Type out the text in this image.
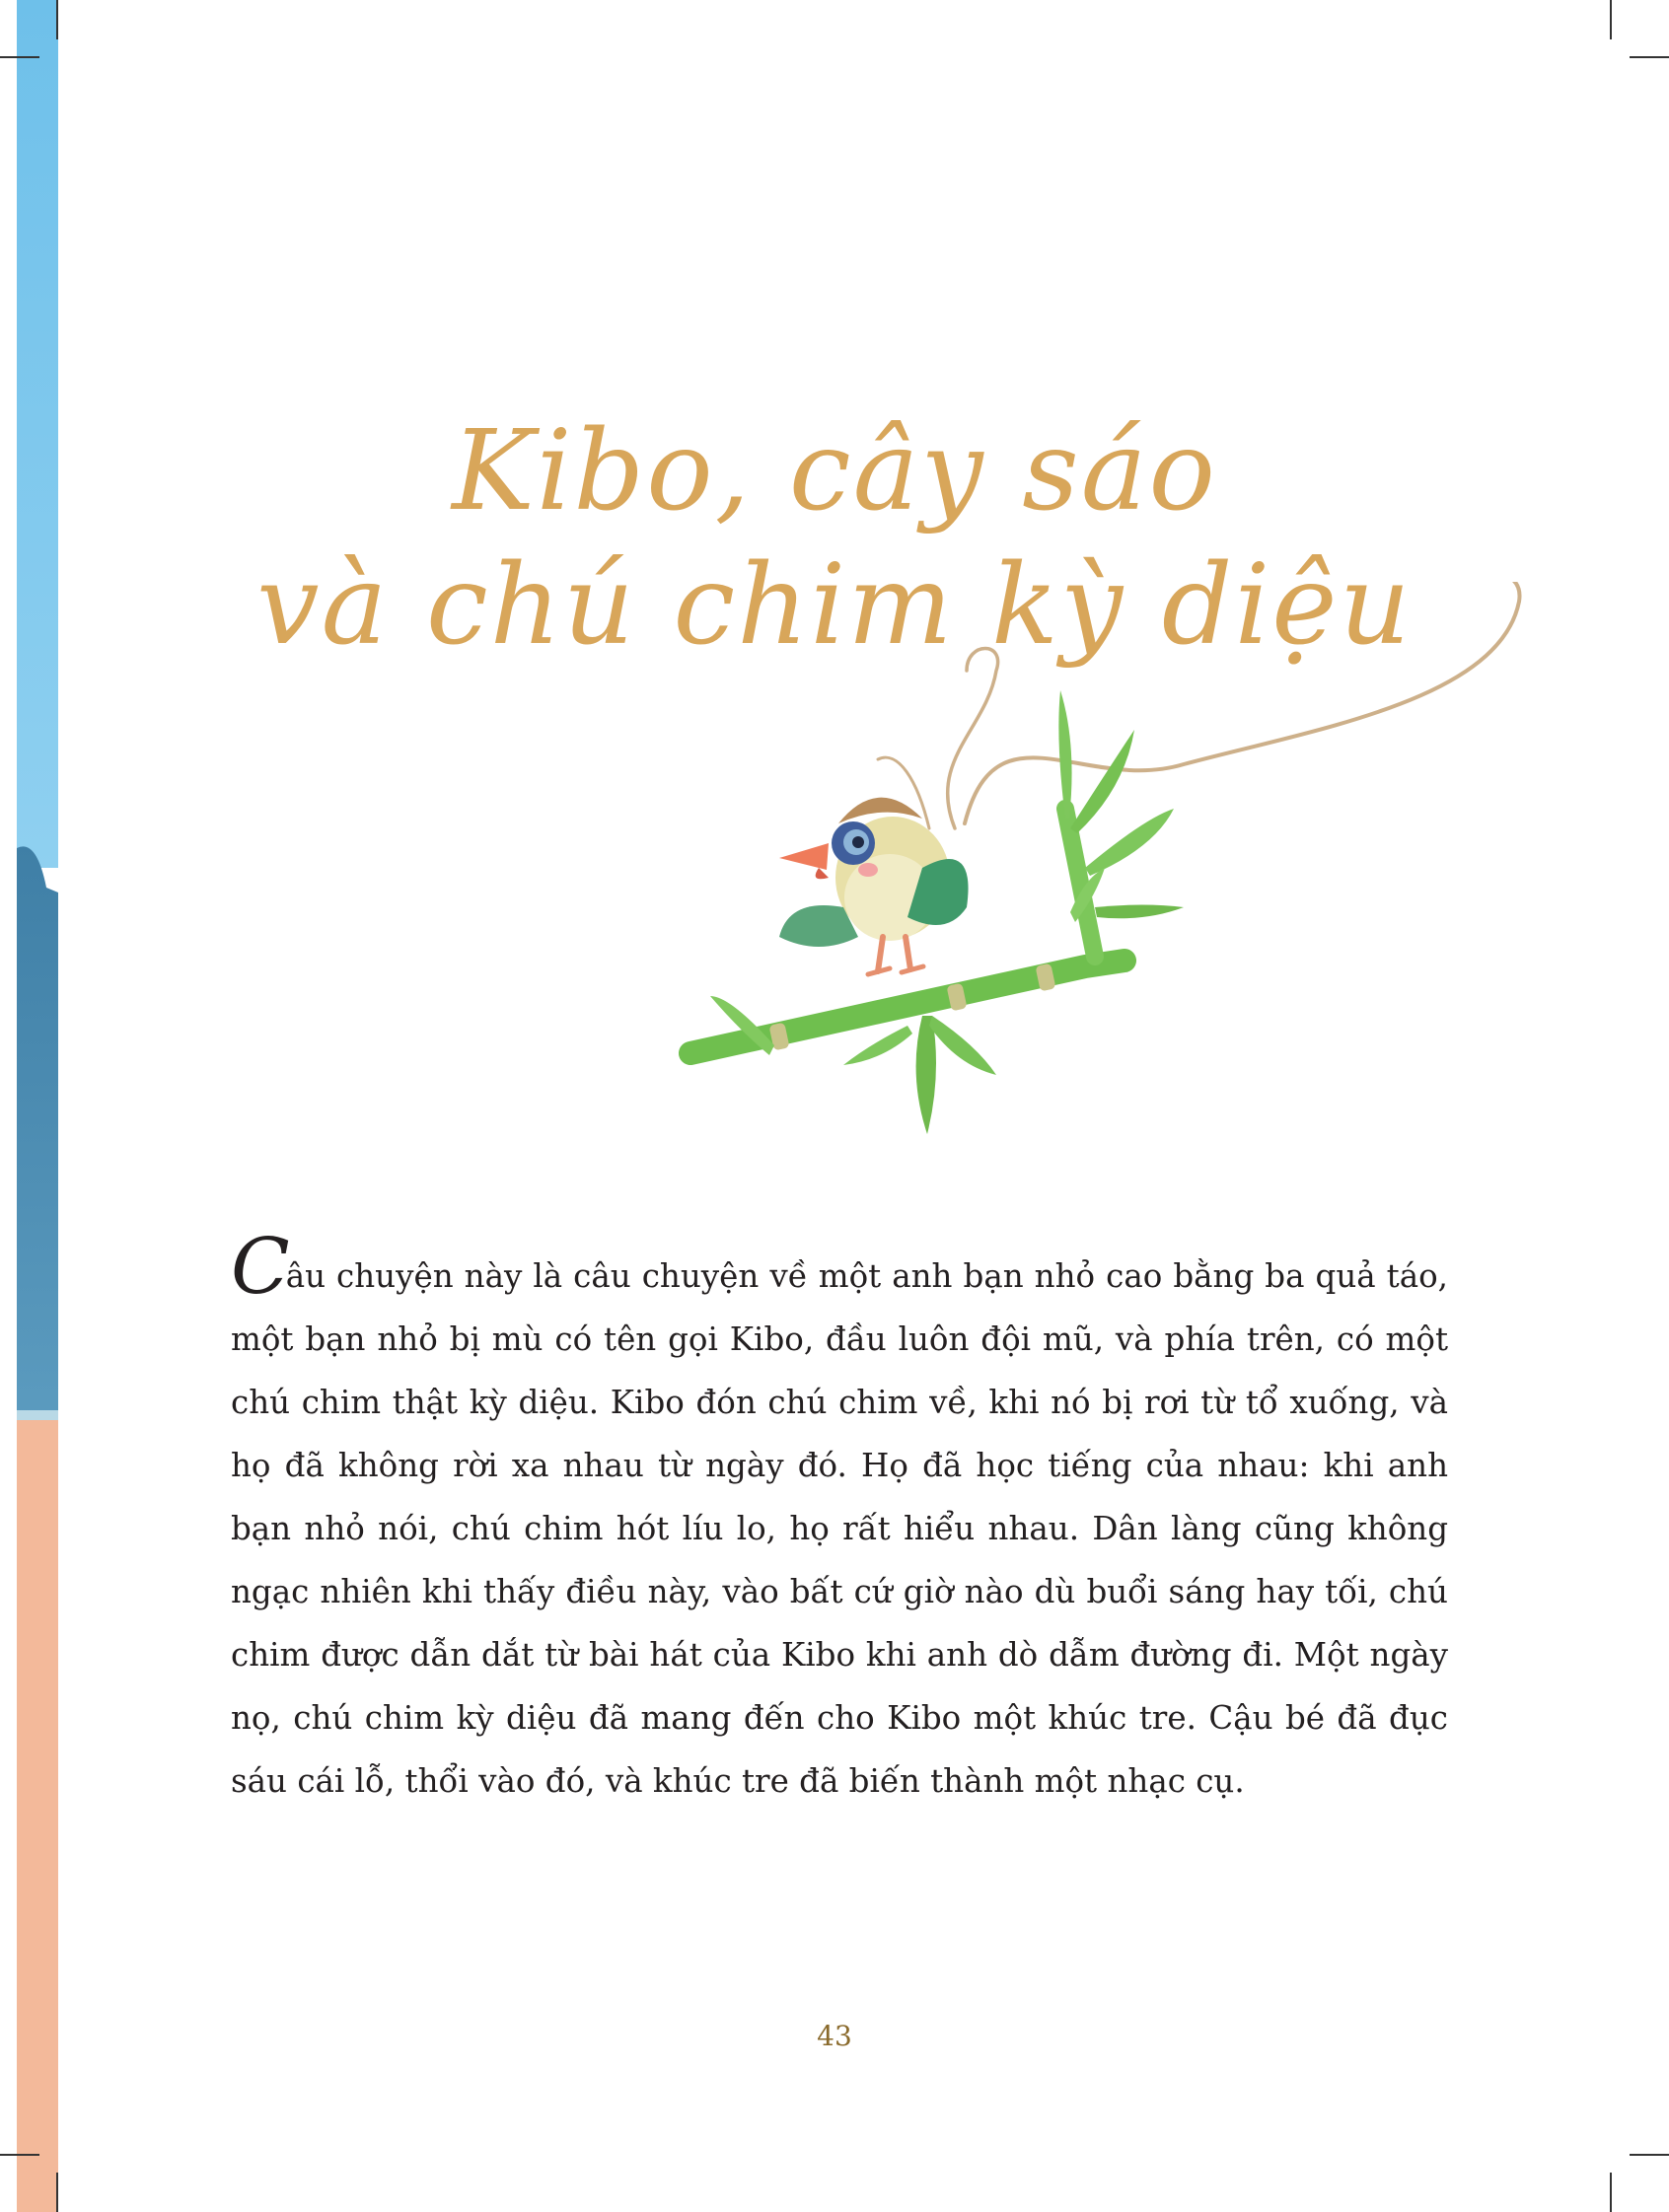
Kibo, cây sáo
và chú chim kỳ diệu

Câu chuyện này là câu chuyện về một anh bạn nhỏ cao bằng ba quả táo, một bạn nhỏ bị mù có tên gọi Kibo, đầu luôn đội mũ, và phía trên, có một chú chim thật kỳ diệu. Kibo đón chú chim về, khi nó bị rơi từ tổ xuống, và họ đã không rời xa nhau từ ngày đó. Họ đã học tiếng của nhau: khi anh bạn nhỏ nói, chú chim hót líu lo, họ rất hiểu nhau. Dân làng cũng không ngạc nhiên khi thấy điều này, vào bất cứ giờ nào dù buổi sáng hay tối, chú chim được dẫn dắt từ bài hát của Kibo khi anh dò dẫm đường đi. Một ngày nọ, chú chim kỳ diệu đã mang đến cho Kibo một khúc tre. Cậu bé đã đục sáu cái lỗ, thổi vào đó, và khúc tre đã biến thành một nhạc cụ.

43
